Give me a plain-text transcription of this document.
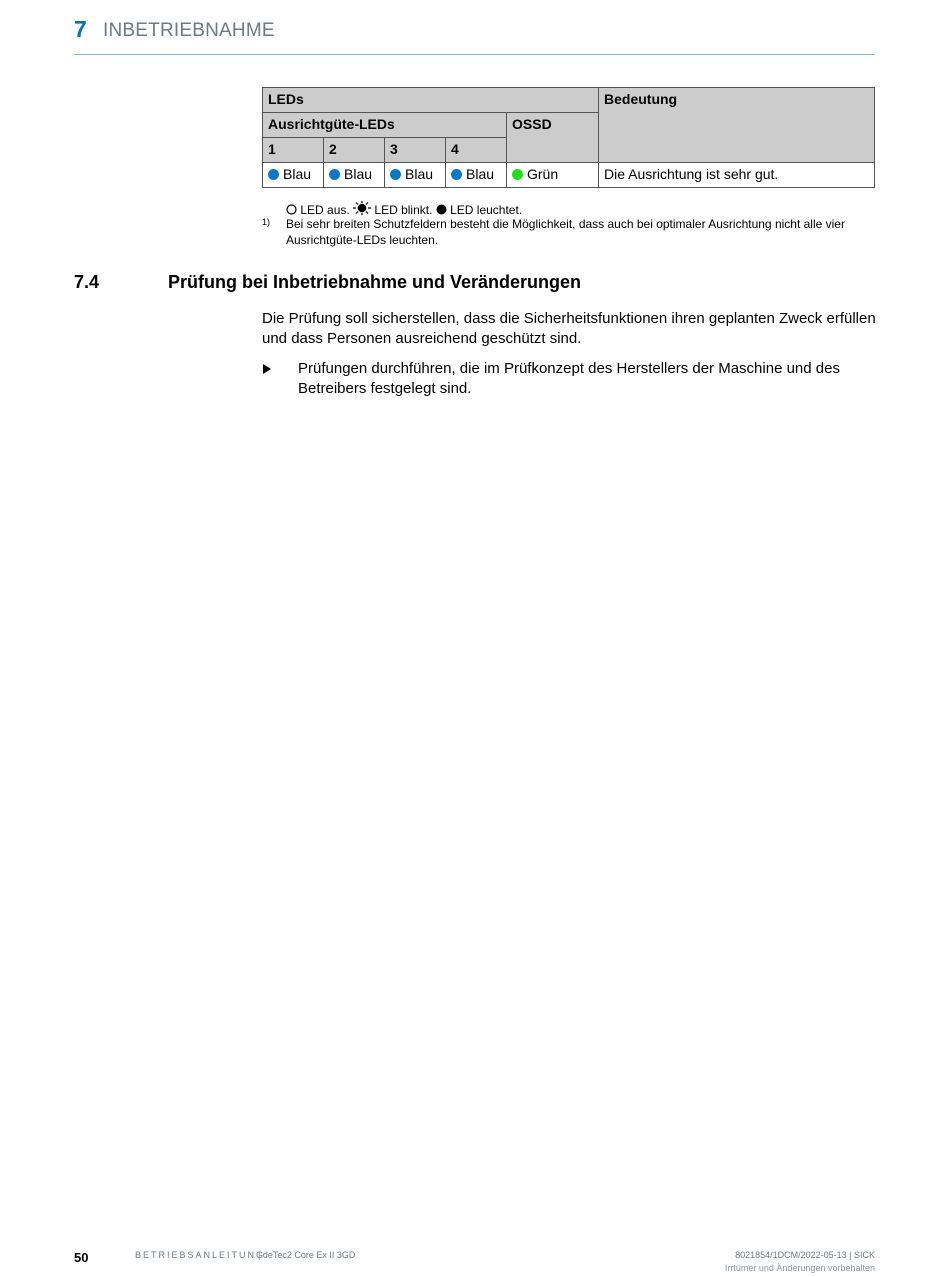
7 INBETRIEBNAHME
LEDs					Bedeutung
Ausrichtgüte-LEDs				OSSD	
1	2	3	4		
Blau	Blau	Blau	Blau	Grün	Die Ausrichtung ist sehr gut.
LED aus. LED blinkt. LED leuchtet.
1) Bei sehr breiten Schutzfeldern besteht die Möglichkeit, dass auch bei optimaler Ausrichtung nicht alle vier Ausrichtgüte-LEDs leuchten.
7.4	Prüfung bei Inbetriebnahme und Veränderungen
Die Prüfung soll sicherstellen, dass die Sicherheitsfunktionen ihren geplanten Zweck erfüllen und dass Personen ausreichend geschützt sind.
Prüfungen durchführen, die im Prüfkonzept des Herstellers der Maschine und des Betreibers festgelegt sind.
50	BETRIEBSANLEITUNG
| deTec2 Core Ex II 3GD	8021854/1DCM/2022-05-13 | SICK
Irrtümer und Änderungen vorbehalten
